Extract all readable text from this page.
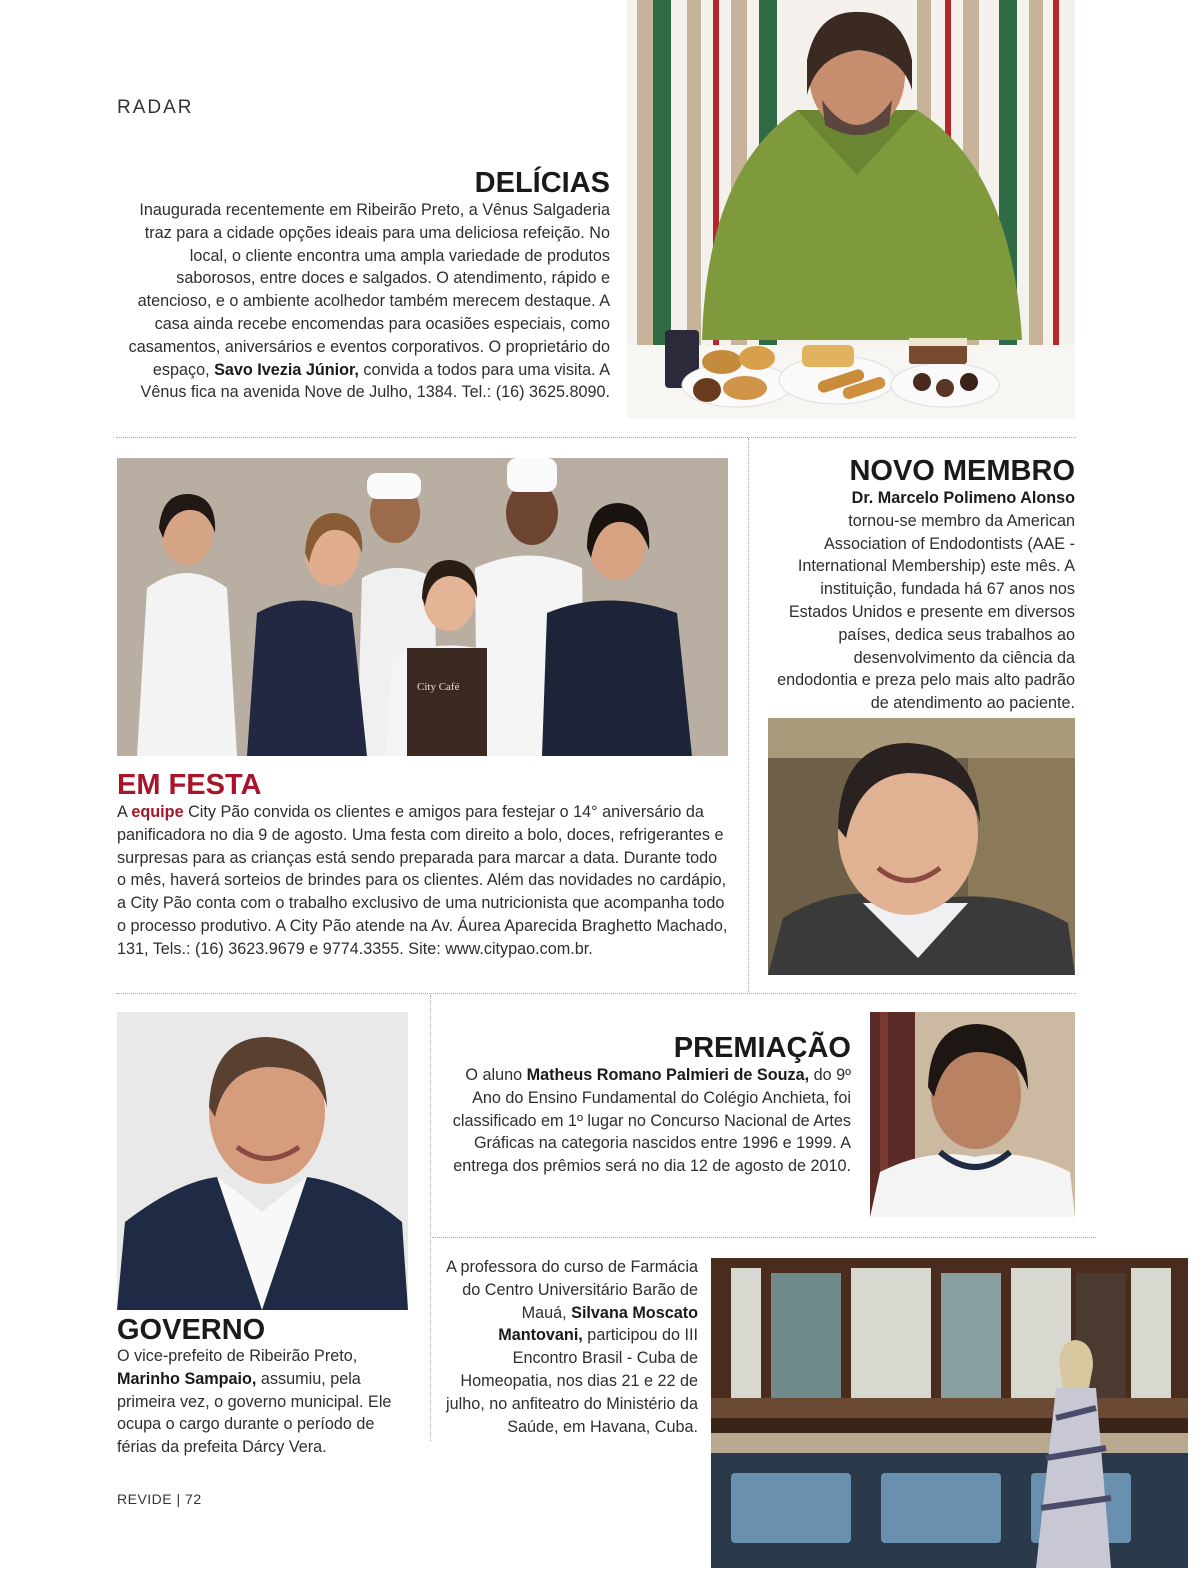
RADAR
DELÍCIAS
Inaugurada recentemente em Ribeirão Preto, a Vênus Salgaderia traz para a cidade opções ideais para uma deliciosa refeição. No local, o cliente encontra uma ampla variedade de produtos saborosos, entre doces e salgados. O atendimento, rápido e atencioso, e o ambiente acolhedor também merecem destaque. A casa ainda recebe encomendas para ocasiões especiais, como casamentos, aniversários e eventos corporativos. O proprietário do espaço, Savo Ivezia Júnior, convida a todos para uma visita. A Vênus fica na avenida Nove de Julho, 1384. Tel.: (16) 3625.8090.
City Café
EM FESTA
A equipe City Pão convida os clientes e amigos para festejar o 14° aniversário da panificadora no dia 9 de agosto. Uma festa com direito a bolo, doces, refrigerantes e surpresas para as crianças está sendo preparada para marcar a data. Durante todo o mês, haverá sorteios de brindes para os clientes. Além das novidades no cardápio, a City Pão conta com o trabalho exclusivo de uma nutricionista que acompanha todo o processo produtivo. A City Pão atende na Av. Áurea Aparecida Braghetto Machado, 131, Tels.: (16) 3623.9679 e 9774.3355. Site: www.citypao.com.br.
NOVO MEMBRO
Dr. Marcelo Polimeno Alonso
tornou-se membro da American Association of Endodontists (AAE - International Membership) este mês. A instituição, fundada há 67 anos nos Estados Unidos e presente em diversos países, dedica seus trabalhos ao desenvolvimento da ciência da endodontia e preza pelo mais alto padrão de atendimento ao paciente.
GOVERNO
O vice-prefeito de Ribeirão Preto, Marinho Sampaio, assumiu, pela primeira vez, o governo municipal. Ele ocupa o cargo durante o período de férias da prefeita Dárcy Vera.
PREMIAÇÃO
O aluno Matheus Romano Palmieri de Souza, do 9º Ano do Ensino Fundamental do Colégio Anchieta, foi classificado em 1º lugar no Concurso Nacional de Artes Gráficas na categoria nascidos entre 1996 e 1999. A entrega dos prêmios será no dia 12 de agosto de 2010.
A professora do curso de Farmácia do Centro Universitário Barão de Mauá, Silvana Moscato Mantovani, participou do III Encontro Brasil - Cuba de Homeopatia, nos dias 21 e 22 de julho, no anfiteatro do Ministério da Saúde, em Havana, Cuba.
REVIDE | 72
